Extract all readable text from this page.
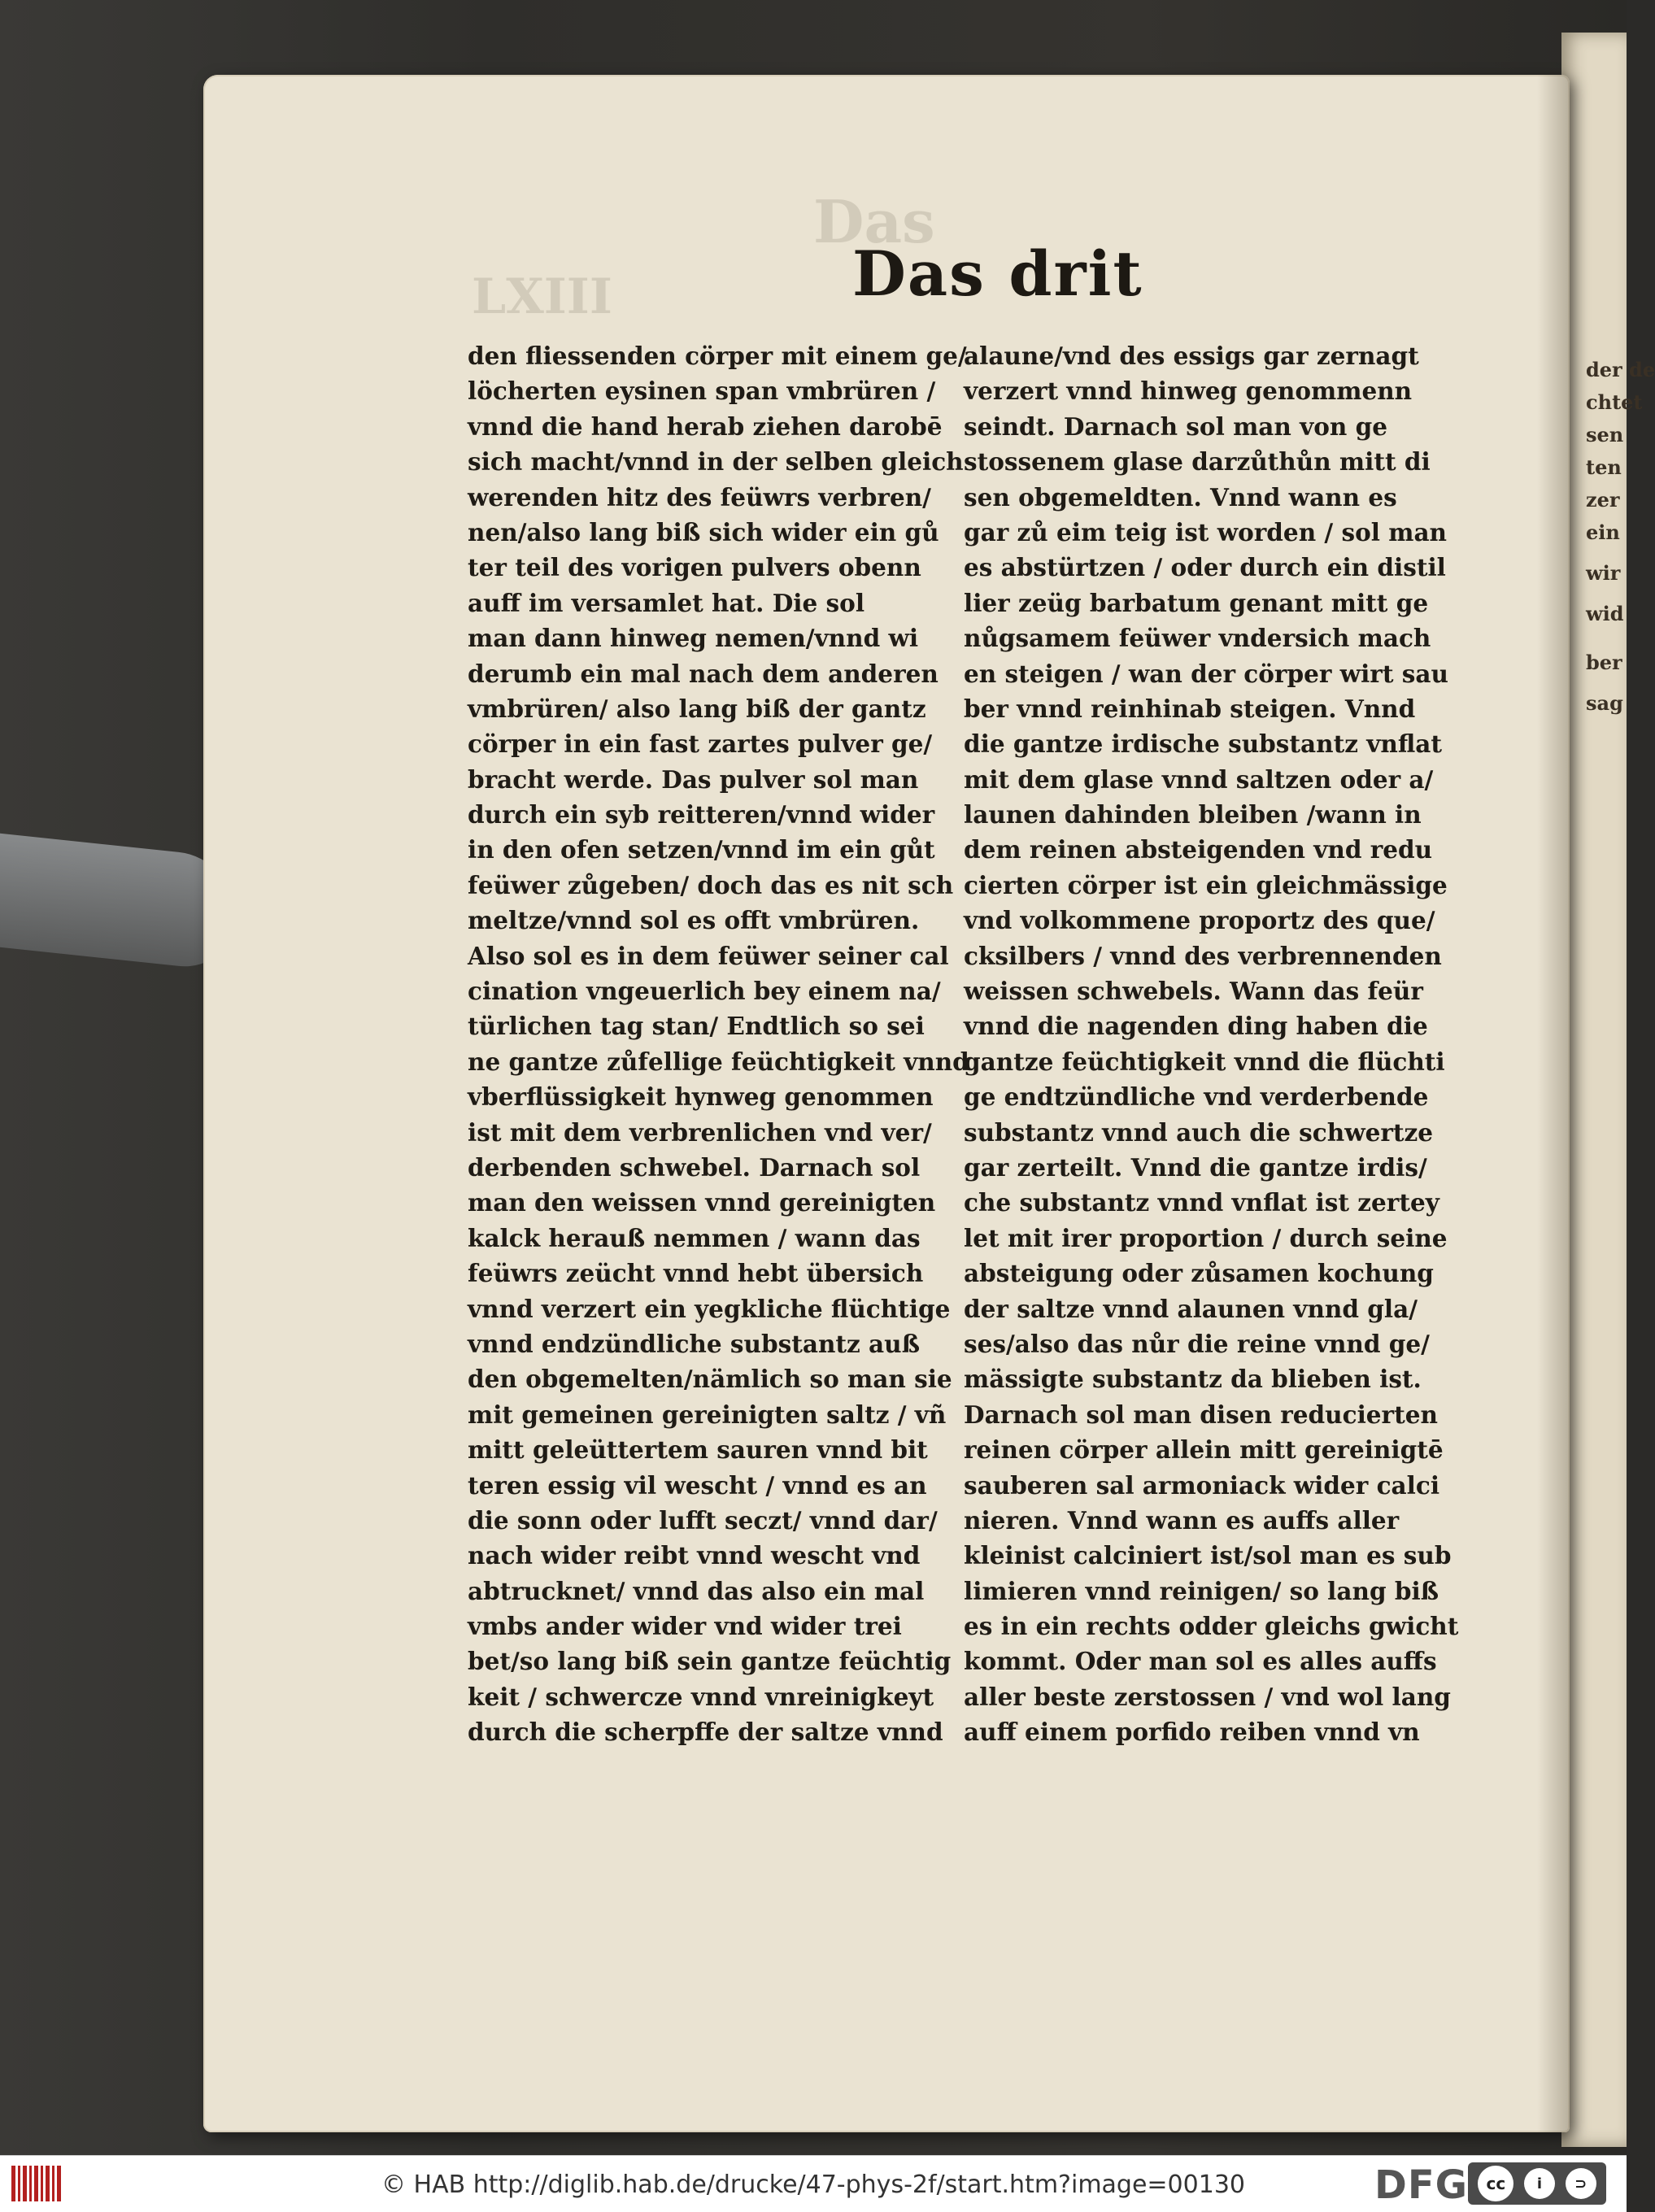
der de
chtet
sen
ten
zer
ein
wir
wid
ber
sag
Das
LXIII	Das drit
den fliessenden cörper mit einem ge/
löcherten eysinen span vmbrüren /
vnnd die hand herab ziehen darobē
sich macht/vnnd in der selben gleich
werenden hitz des feüwrs verbren/
nen/also lang biß sich wider ein gů
ter teil des vorigen pulvers obenn
auff im versamlet hat. Die sol
man dann hinweg nemen/vnnd wi
derumb ein mal nach dem anderen
vmbrüren/ also lang biß der gantz
cörper in ein fast zartes pulver ge/
bracht werde. Das pulver sol man
durch ein syb reitteren/vnnd wider
in den ofen setzen/vnnd im ein gůt
feüwer zůgeben/ doch das es nit sch
meltze/vnnd sol es offt vmbrüren.
Also sol es in dem feüwer seiner cal
cination vngeuerlich bey einem na/
türlichen tag stan/ Endtlich so sei
ne gantze zůfellige feüchtigkeit vnnd
vberflüssigkeit hynweg genommen
ist mit dem verbrenlichen vnd ver/
derbenden schwebel. Darnach sol
man den weissen vnnd gereinigten
kalck herauß nemmen / wann das
feüwrs zeücht vnnd hebt übersich
vnnd verzert ein yegkliche flüchtige
vnnd endzündliche substantz auß
den obgemelten/nämlich so man sie
mit gemeinen gereinigten saltz / vñ
mitt geleüttertem sauren vnnd bit
teren essig vil wescht / vnnd es an
die sonn oder lufft seczt/ vnnd dar/
nach wider reibt vnnd wescht vnd
abtrucknet/ vnnd das also ein mal
vmbs ander wider vnd wider trei
bet/so lang biß sein gantze feüchtig
keit / schwercze vnnd vnreinigkeyt
durch die scherpffe der saltze vnnd
alaune/vnd des essigs gar zernagt
verzert vnnd hinweg genommenn
seindt. Darnach sol man von ge
stossenem glase darzůthůn mitt di
sen obgemeldten. Vnnd wann es
gar zů eim teig ist worden / sol man
es abstürtzen / oder durch ein distil
lier zeüg barbatum genant mitt ge
nůgsamem feüwer vndersich mach
en steigen / wan der cörper wirt sau
ber vnnd reinhinab steigen. Vnnd
die gantze irdische substantz vnflat
mit dem glase vnnd saltzen oder a/
launen dahinden bleiben /wann in
dem reinen absteigenden vnd redu
cierten cörper ist ein gleichmässige
vnd volkommene proportz des que/
cksilbers / vnnd des verbrennenden
weissen schwebels. Wann das feür
vnnd die nagenden ding haben die
gantze feüchtigkeit vnnd die flüchti
ge endtzündliche vnd verderbende
substantz vnnd auch die schwertze
gar zerteilt. Vnnd die gantze irdis/
che substantz vnnd vnflat ist zertey
let mit irer proportion / durch seine
absteigung oder zůsamen kochung
der saltze vnnd alaunen vnnd gla/
ses/also das nůr die reine vnnd ge/
mässigte substantz da blieben ist.
Darnach sol man disen reducierten
reinen cörper allein mitt gereinigtē
sauberen sal armoniack wider calci
nieren. Vnnd wann es auffs aller
kleinist calciniert ist/sol man es sub
limieren vnnd reinigen/ so lang biß
es in ein rechts odder gleichs gwicht
kommt. Oder man sol es alles auffs
aller beste zerstossen / vnd wol lang
auff einem porfido reiben vnnd vn
© HAB http://diglib.hab.de/drucke/47-phys-2f/start.htm?image=00130	DFG	cc	i	⊃
